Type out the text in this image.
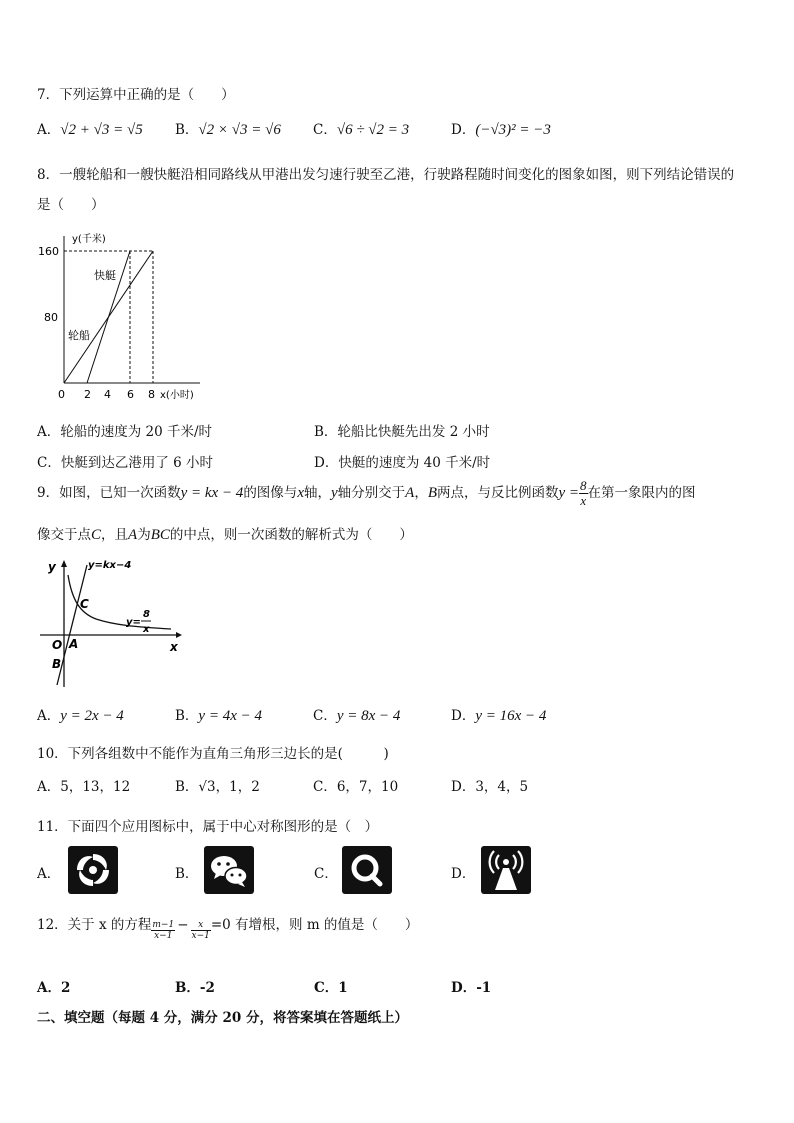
7．下列运算中正确的是（　　）
A．√2 + √3 = √5 B．√2 × √3 = √6 C．√6 ÷ √2 = 3	D．(−√3)² = −3
8．一艘轮船和一艘快艇沿相同路线从甲港出发匀速行驶至乙港，行驶路程随时间变化的图象如图，则下列结论错误的
是（　　）
y(千米)
x(小时)
快艇
轮船
160
80
0 2 4 6 8
A．轮船的速度为 20 千米/时	B．轮船比快艇先出发 2 小时
C．快艇到达乙港用了 6 小时	D．快艇的速度为 40 千米/时
9．如图，已知一次函数y = kx − 4的图像与x轴，y轴分别交于A，B两点，与反比例函数$y = \frac{8}{x}$ 在第一象限内的图
像交于点C，且A为BC的中点，则一次函数的解析式为（　　）
y
x
O A
B
C
y=kx−4
y=
8
x
A．y = 2x − 4	B．y = 4x − 4	C．y = 8x − 4	D．y = 16x − 4
10．下列各组数中不能作为直角三角形三边长的是(　　　)
A．5，13，12	B．√3，1，2	C．6，7，10	D．3，4，5
11．下面四个应用图标中，属于中心对称图形的是（　）
A．	B．	C．	D．
12．关于 x 的方程 $\frac{m-1}{x-1} - \frac{x}{x-1} =0$ 有增根，则 m 的值是（　　）
A．2	B．-2	C．1	D．-1
二、填空题（每题 4 分，满分 20 分，将答案填在答题纸上）
